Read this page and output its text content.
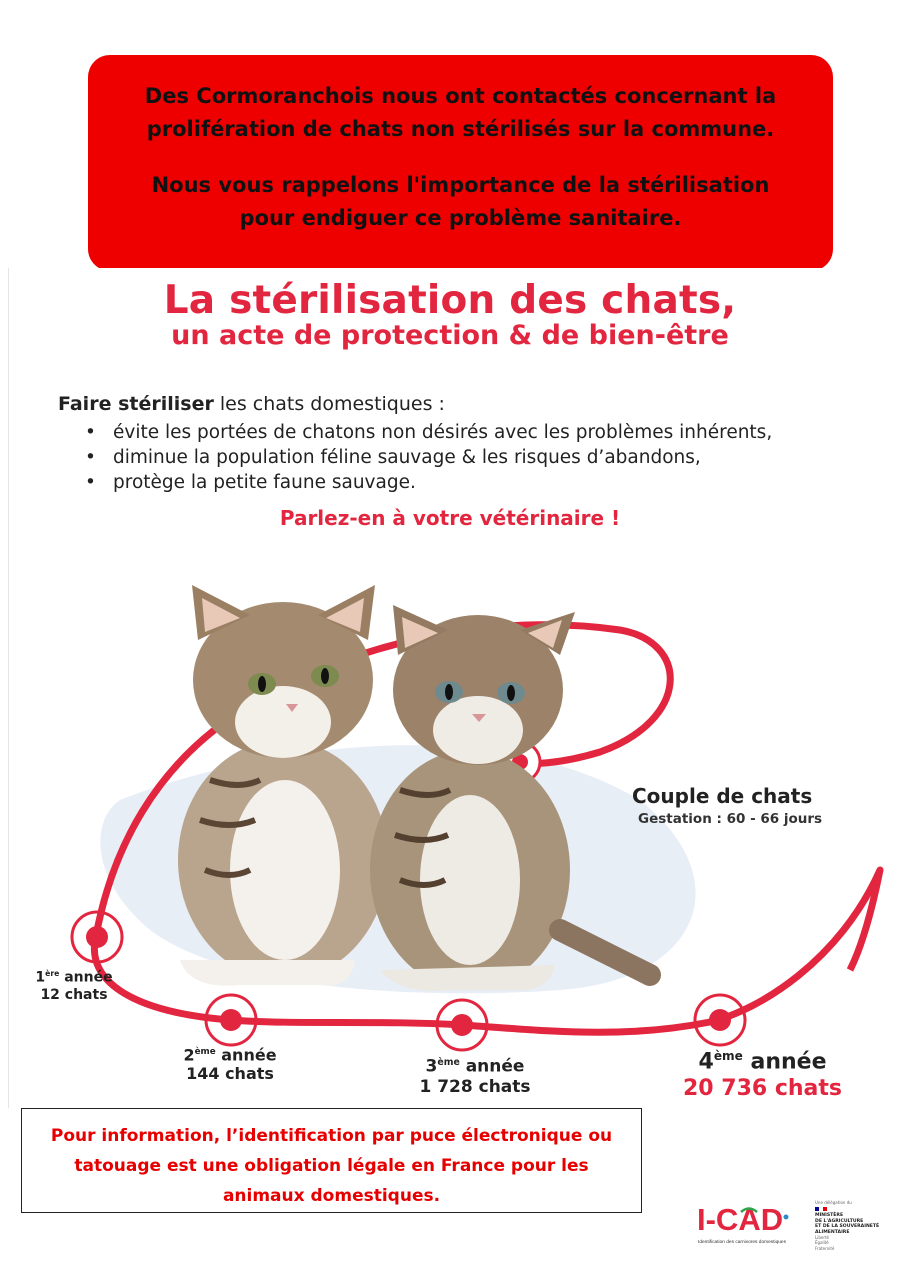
Des Cormoranchois nous ont contactés concernant la
prolifération de chats non stérilisés sur la commune.
Nous vous rappelons l'importance de la stérilisation
pour endiguer ce problème sanitaire.
La stérilisation des chats,
un acte de protection & de bien-être
Faire stériliser les chats domestiques :
• évite les portées de chatons non désirés avec les problèmes inhérents,
• diminue la population féline sauvage & les risques d’abandons,
• protège la petite faune sauvage.
Parlez-en à votre vétérinaire !
Couple de chats
Gestation : 60 - 66 jours
1ère année
12 chats
2ème année
144 chats	3ème année
1 728 chats
4ème année
20 736 chats
Pour information, l’identification par puce électronique ou
tatouage est une obligation légale en France pour les
animaux domestiques.
I-CAD
Identification des carnivores domestiques
Une délégation du
MINISTÈRE
DE L'AGRICULTURE
ET DE LA SOUVERAINETÉ
ALIMENTAIRE
Liberté
Égalité
Fraternité
